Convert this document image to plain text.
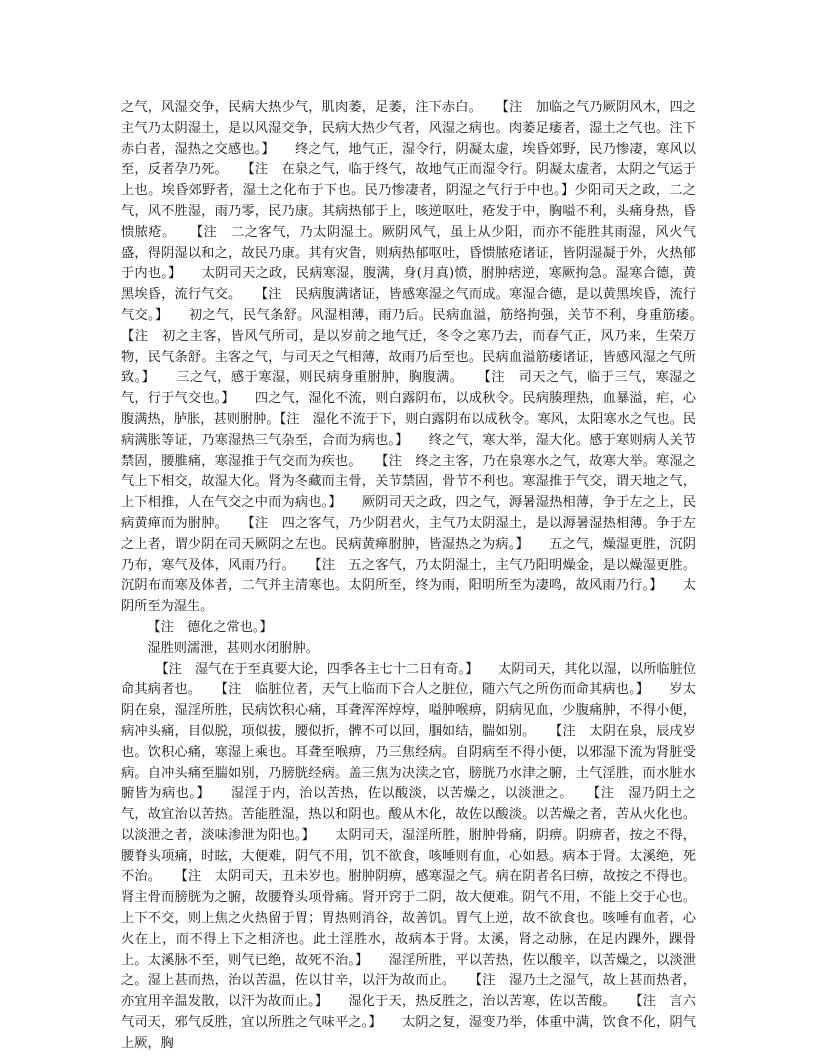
之气，风湿交争，民病大热少气，肌肉萎，足萎，注下赤白。　　【注　加临之气乃厥阴风木，四之主气乃太阴湿土，是以风湿交争，民病大热少气者，风湿之病也。肉萎足痿者，湿土之气也。注下赤白者，湿热之交感也。】　　终之气，地气正，湿令行，阴凝太虚，埃昏郊野，民乃惨凄，寒风以至，反者孕乃死。　　【注　在泉之气，临于终气，故地气正而湿令行。阴凝太虚者，太阴之气运于上也。埃昏郊野者，湿土之化布于下也。民乃惨凄者，阴湿之气行于中也。】少阳司天之政，二之气，风不胜湿，雨乃零，民乃康。其病热郁于上，咳逆呕吐，疮发于中，胸嗌不利，头痛身热，昏愦脓疮。　　【注　二之客气，乃太阴湿土。厥阴风气，虽上从少阳，而亦不能胜其雨湿，风火气盛，得阴湿以和之，故民乃康。其有灾眚，则病热郁呕吐，昏愦脓疮诸证，皆阴湿凝于外，火热郁于内也。】　　太阴司天之政，民病寒湿，腹满，身(月真)愤，胕肿痞逆，寒厥拘急。湿寒合德，黄黑埃昏，流行气交。　　【注　民病腹满诸证，皆感寒湿之气而成。寒湿合德，是以黄黑埃昏，流行气交。】　　初之气，民气条舒。风湿相薄，雨乃后。民病血溢，筋络拘强，关节不利，身重筋痿。　　【注　初之主客，皆风气所司，是以岁前之地气迁，冬令之寒乃去，而春气正，风乃来，生荣万物，民气条舒。主客之气，与司天之气相薄，故雨乃后至也。民病血溢筋痿诸证，皆感风湿之气所致。】　　三之气，感于寒湿，则民病身重胕肿，胸腹满。　　【注　司天之气，临于三气，寒湿之气，行于气交也。】　　四之气，湿化不流，则白露阴布，以成秋令。民病腠理热，血暴溢，疟，心腹满热，胪胀，甚则胕肿。【注　湿化不流于下，则白露阴布以成秋令。寒风，太阳寒水之气也。民病满胀等证，乃寒湿热三气杂至，合而为病也。】　　终之气，寒大举，湿大化。感于寒则病人关节禁固，腰脽痛，寒湿推于气交而为疾也。　　【注　终之主客，乃在泉寒水之气，故寒大举。寒湿之气上下相交，故湿大化。肾为冬藏而主骨，关节禁固，骨节不利也。寒湿推于气交，谓天地之气，上下相推，人在气交之中而为病也。】　　厥阴司天之政，四之气，溽暑湿热相薄，争于左之上，民病黄瘅而为胕肿。　　【注　四之客气，乃少阴君火，主气乃太阴湿土，是以溽暑湿热相薄。争于左之上者，谓少阴在司天厥阴之左也。民病黄瘅胕肿，皆湿热之为病。】　　五之气，燥湿更胜，沉阴乃布，寒气及体，风雨乃行。　　【注　五之客气，乃太阴湿土，主气乃阳明燥金，是以燥湿更胜。沉阴布而寒及体者，二气并主清寒也。太阴所至，终为雨，阳明所至为凄鸣，故风雨乃行。】　　太阴所至为湿生。

【注　德化之常也。】

湿胜则濡泄，甚则水闭胕肿。

【注　湿气在于至真要大论，四季各主七十二日有奇。】　　太阴司天，其化以湿，以所临脏位命其病者也。　　【注　临脏位者，天气上临而下合人之脏位，随六气之所伤而命其病也。】　　岁太阴在泉，湿淫所胜，民病饮积心痛，耳聋浑浑焞焞，嗌肿喉痹，阴病见血，少腹痛肿，不得小便，病冲头痛，目似脱，项似拔，腰似折，髀不可以回，腘如结，腨如别。　　【注　太阴在泉，辰戌岁也。饮积心痛，寒湿上乘也。耳聋至喉痹，乃三焦经病。自阴病至不得小便，以邪湿下流为肾脏受病。自冲头痛至腨如别，乃膀胱经病。盖三焦为决渎之官，膀胱乃水津之腑，土气淫胜，而水脏水腑皆为病也。】　　湿淫于内，治以苦热，佐以酸淡，以苦燥之，以淡泄之。　　【注　湿乃阴土之气，故宜治以苦热。苦能胜湿，热以和阴也。酸从木化，故佐以酸淡。以苦燥之者，苦从火化也。以淡泄之者，淡味渗泄为阳也。】　　太阴司天，湿淫所胜，胕肿骨痛，阴痹。阴痹者，按之不得，腰脊头项痛，时眩，大便难，阴气不用，饥不欲食，咳唾则有血，心如悬。病本于肾。太溪绝，死不治。　　【注　太阴司天，丑未岁也。胕肿阴痹，感寒湿之气。病在阴者名曰痹，故按之不得也。肾主骨而膀胱为之腑，故腰脊头项骨痛。肾开窍于二阴，故大便难。阴气不用，不能上交于心也。上下不交，则上焦之火热留于胃；胃热则消谷，故善饥。胃气上逆，故不欲食也。咳唾有血者，心火在上，而不得上下之相济也。此土淫胜水，故病本于肾。太溪，肾之动脉，在足内踝外，踝骨上。太溪脉不至，则气已绝，故死不治。】　　湿淫所胜，平以苦热，佐以酸辛，以苦燥之，以淡泄之。湿上甚而热，治以苦温，佐以甘辛，以汗为故而止。　　【注　湿乃土之湿气，故上甚而热者，亦宜用辛温发散，以汗为故而止。】　　湿化于天，热反胜之，治以苦寒，佐以苦酸。　　【注　言六气司天，邪气反胜，宜以所胜之气味平之。】　　太阴之复，湿变乃举，体重中满，饮食不化，阴气上厥，胸
